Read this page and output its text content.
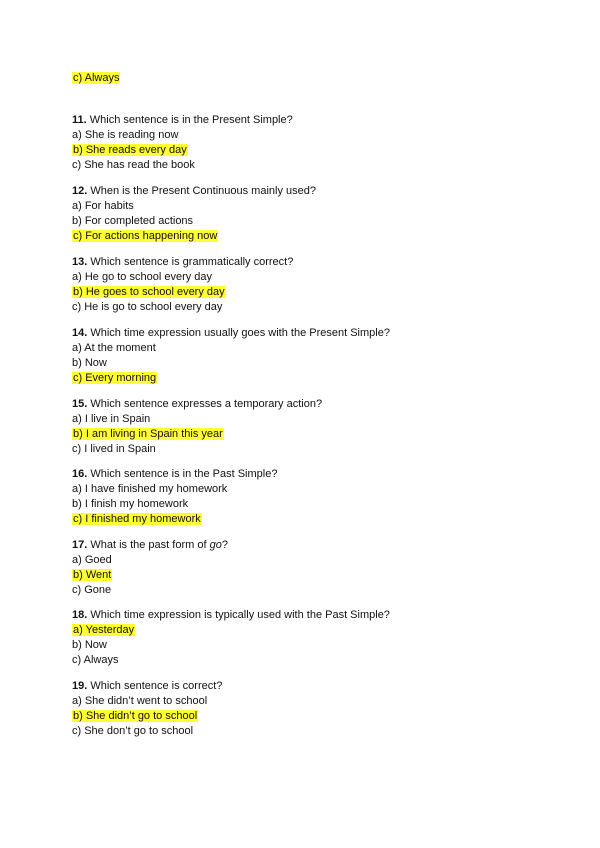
c) Always
11. Which sentence is in the Present Simple?
a) She is reading now
b) She reads every day
c) She has read the book
12. When is the Present Continuous mainly used?
a) For habits
b) For completed actions
c) For actions happening now
13. Which sentence is grammatically correct?
a) He go to school every day
b) He goes to school every day
c) He is go to school every day
14. Which time expression usually goes with the Present Simple?
a) At the moment
b) Now
c) Every morning
15. Which sentence expresses a temporary action?
a) I live in Spain
b) I am living in Spain this year
c) I lived in Spain
16. Which sentence is in the Past Simple?
a) I have finished my homework
b) I finish my homework
c) I finished my homework
17. What is the past form of go?
a) Goed
b) Went
c) Gone
18. Which time expression is typically used with the Past Simple?
a) Yesterday
b) Now
c) Always
19. Which sentence is correct?
a) She didn’t went to school
b) She didn’t go to school
c) She don’t go to school
